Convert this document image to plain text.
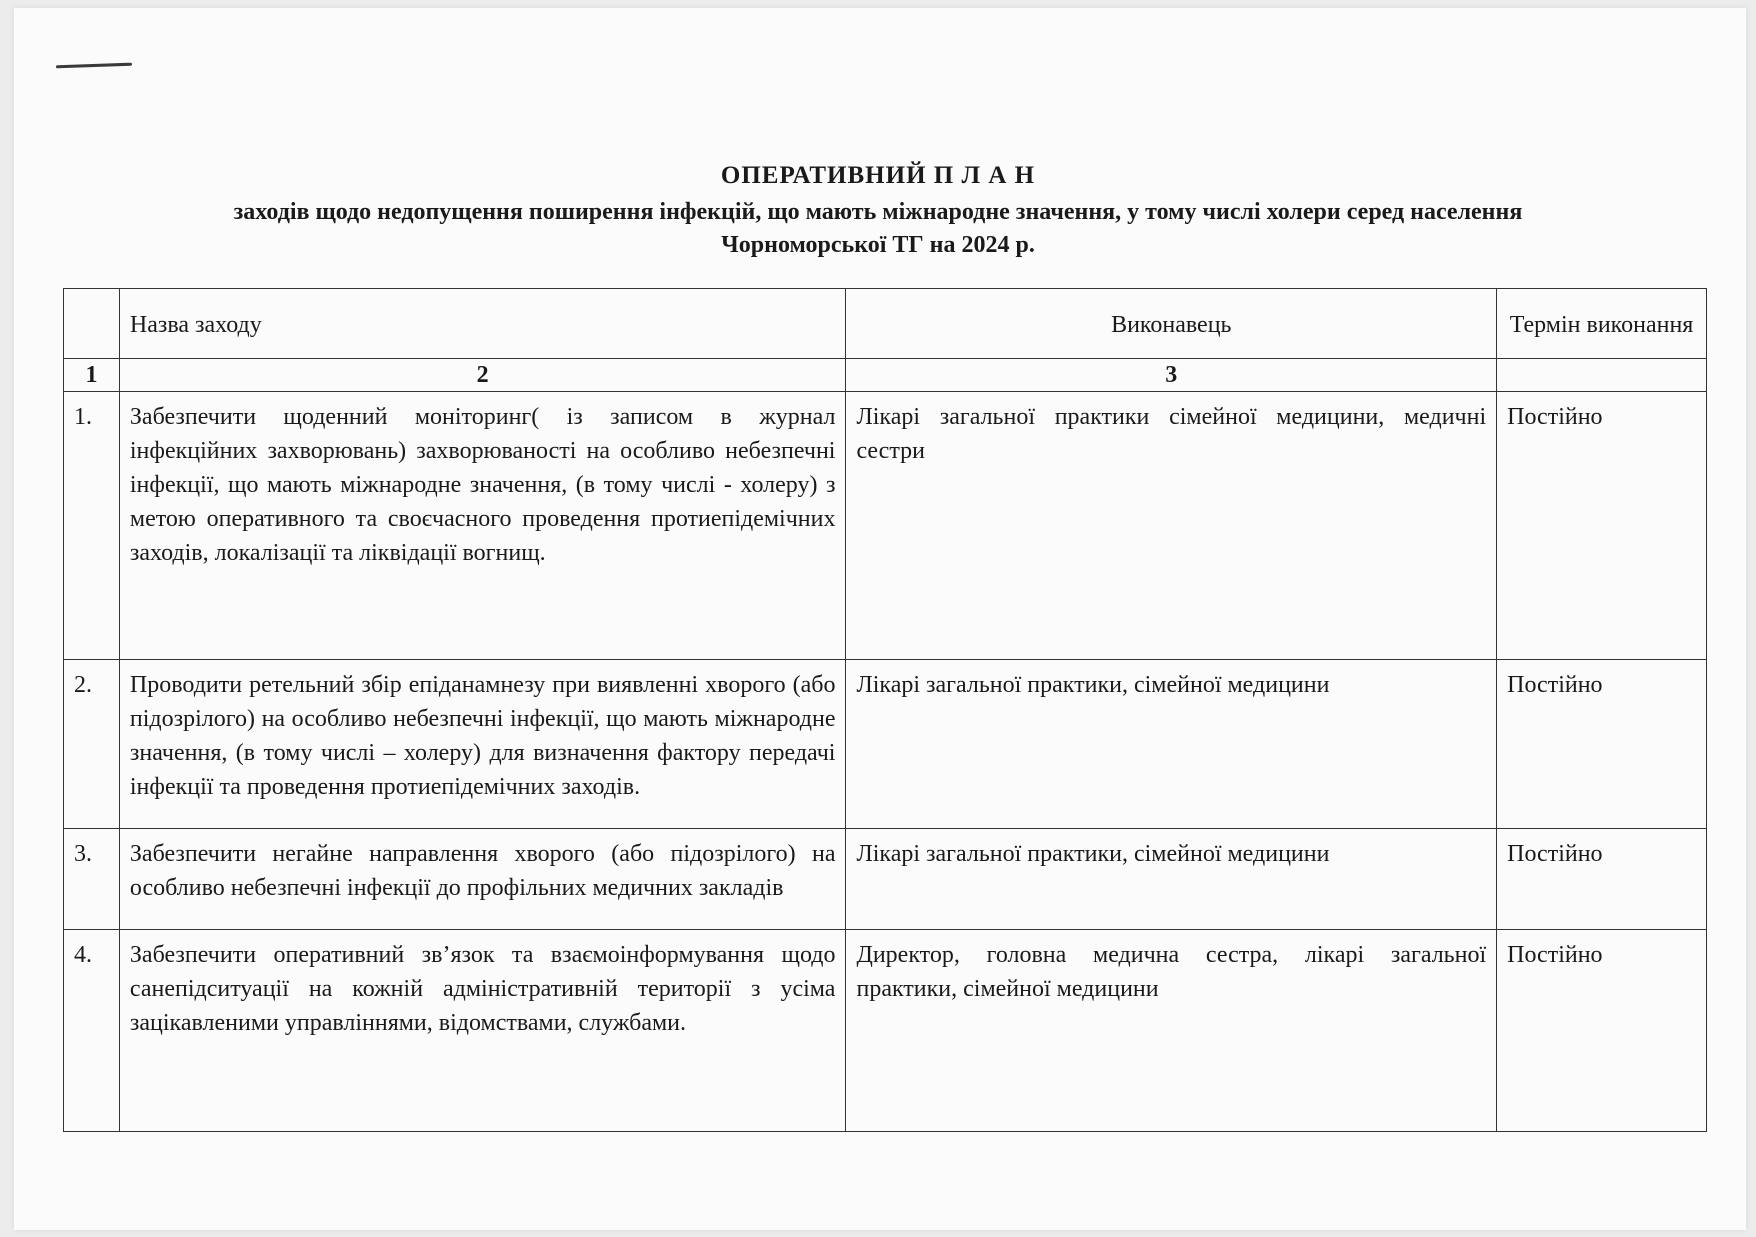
ОПЕРАТИВНИЙ П Л А Н
заходів щодо недопущення поширення інфекцій, що мають міжнародне значення, у тому числі холери серед населення Чорноморської ТГ на 2024 р.
	Назва заходу	Виконавець	Термін виконання
1	2	3	
1.	Забезпечити щоденний моніторинг( із записом в журнал інфекційних захворювань) захворюваності на особливо небезпечні інфекції, що мають міжнародне значення, (в тому числі - холеру) з метою оперативного та своєчасного проведення протиепідемічних заходів, локалізації та ліквідації вогнищ.	Лікарі загальної практики сімейної медицини, медичні сестри	Постійно
2.	Проводити ретельний збір епіданамнезу при виявленні хворого (або підозрілого) на особливо небезпечні інфекції, що мають міжнародне значення, (в тому числі – холеру) для визначення фактору передачі інфекції та проведення протиепідемічних заходів.	Лікарі загальної практики, сімейної медицини	Постійно
3.	Забезпечити негайне направлення хворого (або підозрілого) на особливо небезпечні інфекції до профільних медичних закладів	Лікарі загальної практики, сімейної медицини	Постійно
4.	Забезпечити оперативний зв’язок та взаємоінформування щодо санепідситуації на кожній адміністративній території з усіма зацікавленими управліннями, відомствами, службами.	Директор, головна медична сестра, лікарі загальної практики, сімейної медицини	Постійно
